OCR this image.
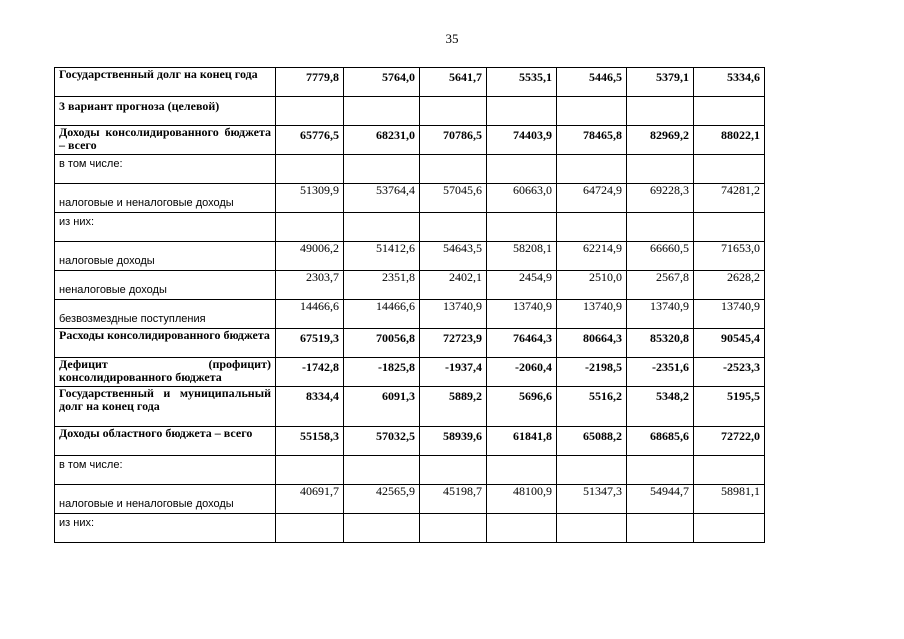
35
Государственный долг на конец года	7779,8	5764,0	5641,7	5535,1	5446,5	5379,1	5334,6
3 вариант прогноза (целевой)							
Доходы консолидированного бюджета – всего	65776,5	68231,0	70786,5	74403,9	78465,8	82969,2	88022,1
в том числе:							
налоговые и неналоговые доходы	51309,9	53764,4	57045,6	60663,0	64724,9	69228,3	74281,2
из них:							
налоговые доходы	49006,2	51412,6	54643,5	58208,1	62214,9	66660,5	71653,0
неналоговые доходы	2303,7	2351,8	2402,1	2454,9	2510,0	2567,8	2628,2
безвозмездные поступления	14466,6	14466,6	13740,9	13740,9	13740,9	13740,9	13740,9
Расходы консолидированного бюджета	67519,3	70056,8	72723,9	76464,3	80664,3	85320,8	90545,4
Дефицит (профицит) консолидированного бюджета	-1742,8	-1825,8	-1937,4	-2060,4	-2198,5	-2351,6	-2523,3
Государственный и муниципальный долг на конец года	8334,4	6091,3	5889,2	5696,6	5516,2	5348,2	5195,5
Доходы областного бюджета – всего	55158,3	57032,5	58939,6	61841,8	65088,2	68685,6	72722,0
в том числе:							
налоговые и неналоговые доходы	40691,7	42565,9	45198,7	48100,9	51347,3	54944,7	58981,1
из них:							
